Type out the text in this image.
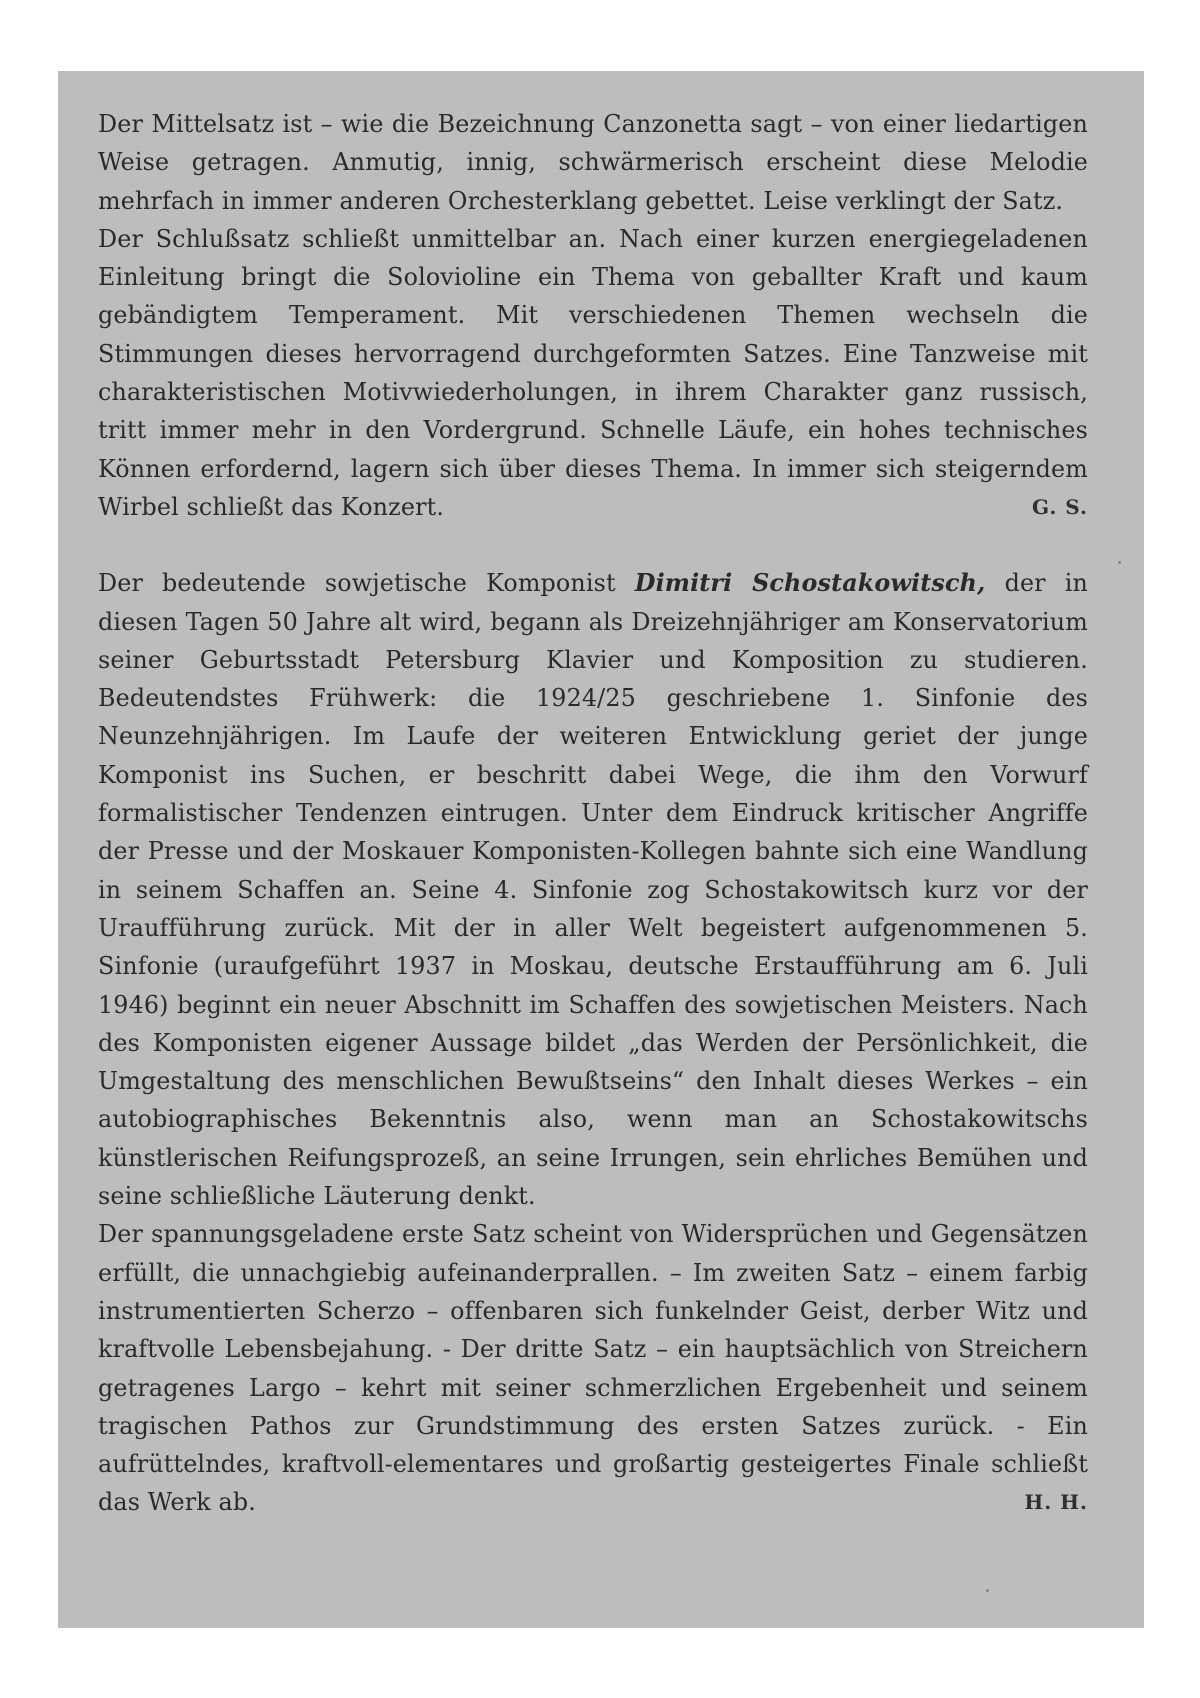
Der Mittelsatz ist – wie die Bezeichnung Canzonetta sagt – von einer liedartigen Weise getragen. Anmutig, innig, schwärmerisch erscheint diese Melodie mehrfach in immer anderen Orchesterklang gebettet. Leise verklingt der Satz.

Der Schlußsatz schließt unmittelbar an. Nach einer kurzen energiegeladenen Einleitung bringt die Solovioline ein Thema von geballter Kraft und kaum gebändigtem Temperament. Mit verschiedenen Themen wechseln die Stimmungen dieses hervorragend durchgeformten Satzes. Eine Tanzweise mit charakteristischen Motivwiederholungen, in ihrem Charakter ganz russisch, tritt immer mehr in den Vordergrund. Schnelle Läufe, ein hohes technisches Können erfordernd, lagern sich über dieses Thema. In immer sich steigerndem Wirbel schließt das Konzert.	G. S.

Der bedeutende sowjetische Komponist Dimitri Schostakowitsch, der in diesen Tagen 50 Jahre alt wird, begann als Dreizehnjähriger am Konservatorium seiner Geburtsstadt Petersburg Klavier und Komposition zu studieren. Bedeutendstes Frühwerk: die 1924/25 geschriebene 1. Sinfonie des Neunzehnjährigen. Im Laufe der weiteren Entwicklung geriet der junge Komponist ins Suchen, er beschritt dabei Wege, die ihm den Vorwurf formalistischer Tendenzen eintrugen. Unter dem Eindruck kritischer Angriffe der Presse und der Moskauer Komponisten-Kollegen bahnte sich eine Wandlung in seinem Schaffen an. Seine 4. Sinfonie zog Schostakowitsch kurz vor der Uraufführung zurück. Mit der in aller Welt begeistert aufgenommenen 5. Sinfonie (uraufgeführt 1937 in Moskau, deutsche Erstaufführung am 6. Juli 1946) beginnt ein neuer Abschnitt im Schaffen des sowjetischen Meisters. Nach des Komponisten eigener Aussage bildet „das Werden der Persönlichkeit, die Umgestaltung des menschlichen Bewußtseins“ den Inhalt dieses Werkes – ein autobiographisches Bekenntnis also, wenn man an Schostakowitschs künstlerischen Reifungsprozeß, an seine Irrungen, sein ehrliches Bemühen und seine schließliche Läuterung denkt.

Der spannungsgeladene erste Satz scheint von Widersprüchen und Gegensätzen erfüllt, die unnachgiebig aufeinanderprallen. – Im zweiten Satz – einem farbig instrumentierten Scherzo – offenbaren sich funkelnder Geist, derber Witz und kraftvolle Lebensbejahung. - Der dritte Satz – ein hauptsächlich von Streichern getragenes Largo – kehrt mit seiner schmerzlichen Ergebenheit und seinem tragischen Pathos zur Grundstimmung des ersten Satzes zurück. - Ein aufrüttelndes, kraftvoll-elementares und großartig gesteigertes Finale schließt das Werk ab.	H. H.
